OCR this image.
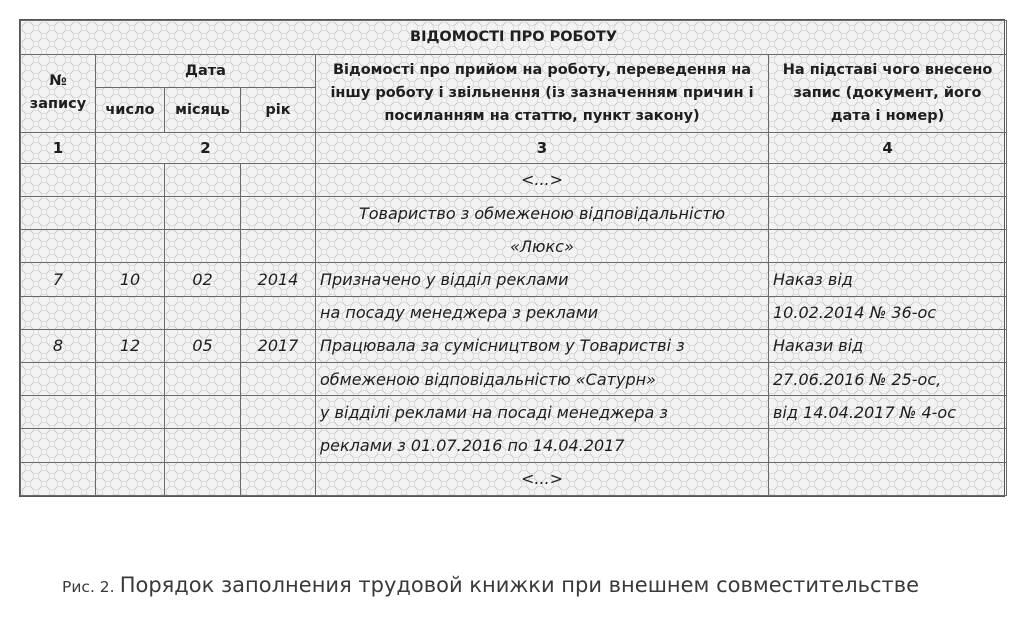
ВІДОМОСТІ ПРО РОБОТУ					
№ запису	Дата			Відомості про прийом на роботу, переведення на іншу роботу і звільнення (із зазначенням причин і посиланням на статтю, пункт закону)	На підставі чого внесено запис (документ, його дата і номер)
	число	місяць	рік		
1	2			3	4
				<...>	
				Товариство з обмеженою відповідальністю	
				«Люкс»	
7	10	02	2014	Призначено у відділ реклами	Наказ від
				на посаду менеджера з реклами	10.02.2014 № 36-ос
8	12	05	2017	Працювала за сумісництвом у Товаристві з	Накази від
				обмеженою відповідальністю «Сатурн»	27.06.2016 № 25-ос,
				у відділі реклами на посаді менеджера з	від 14.04.2017 № 4-ос
				реклами з 01.07.2016 по 14.04.2017	
				<...>	
Рис. 2. Порядок заполнения трудовой книжки при внешнем совместительстве
